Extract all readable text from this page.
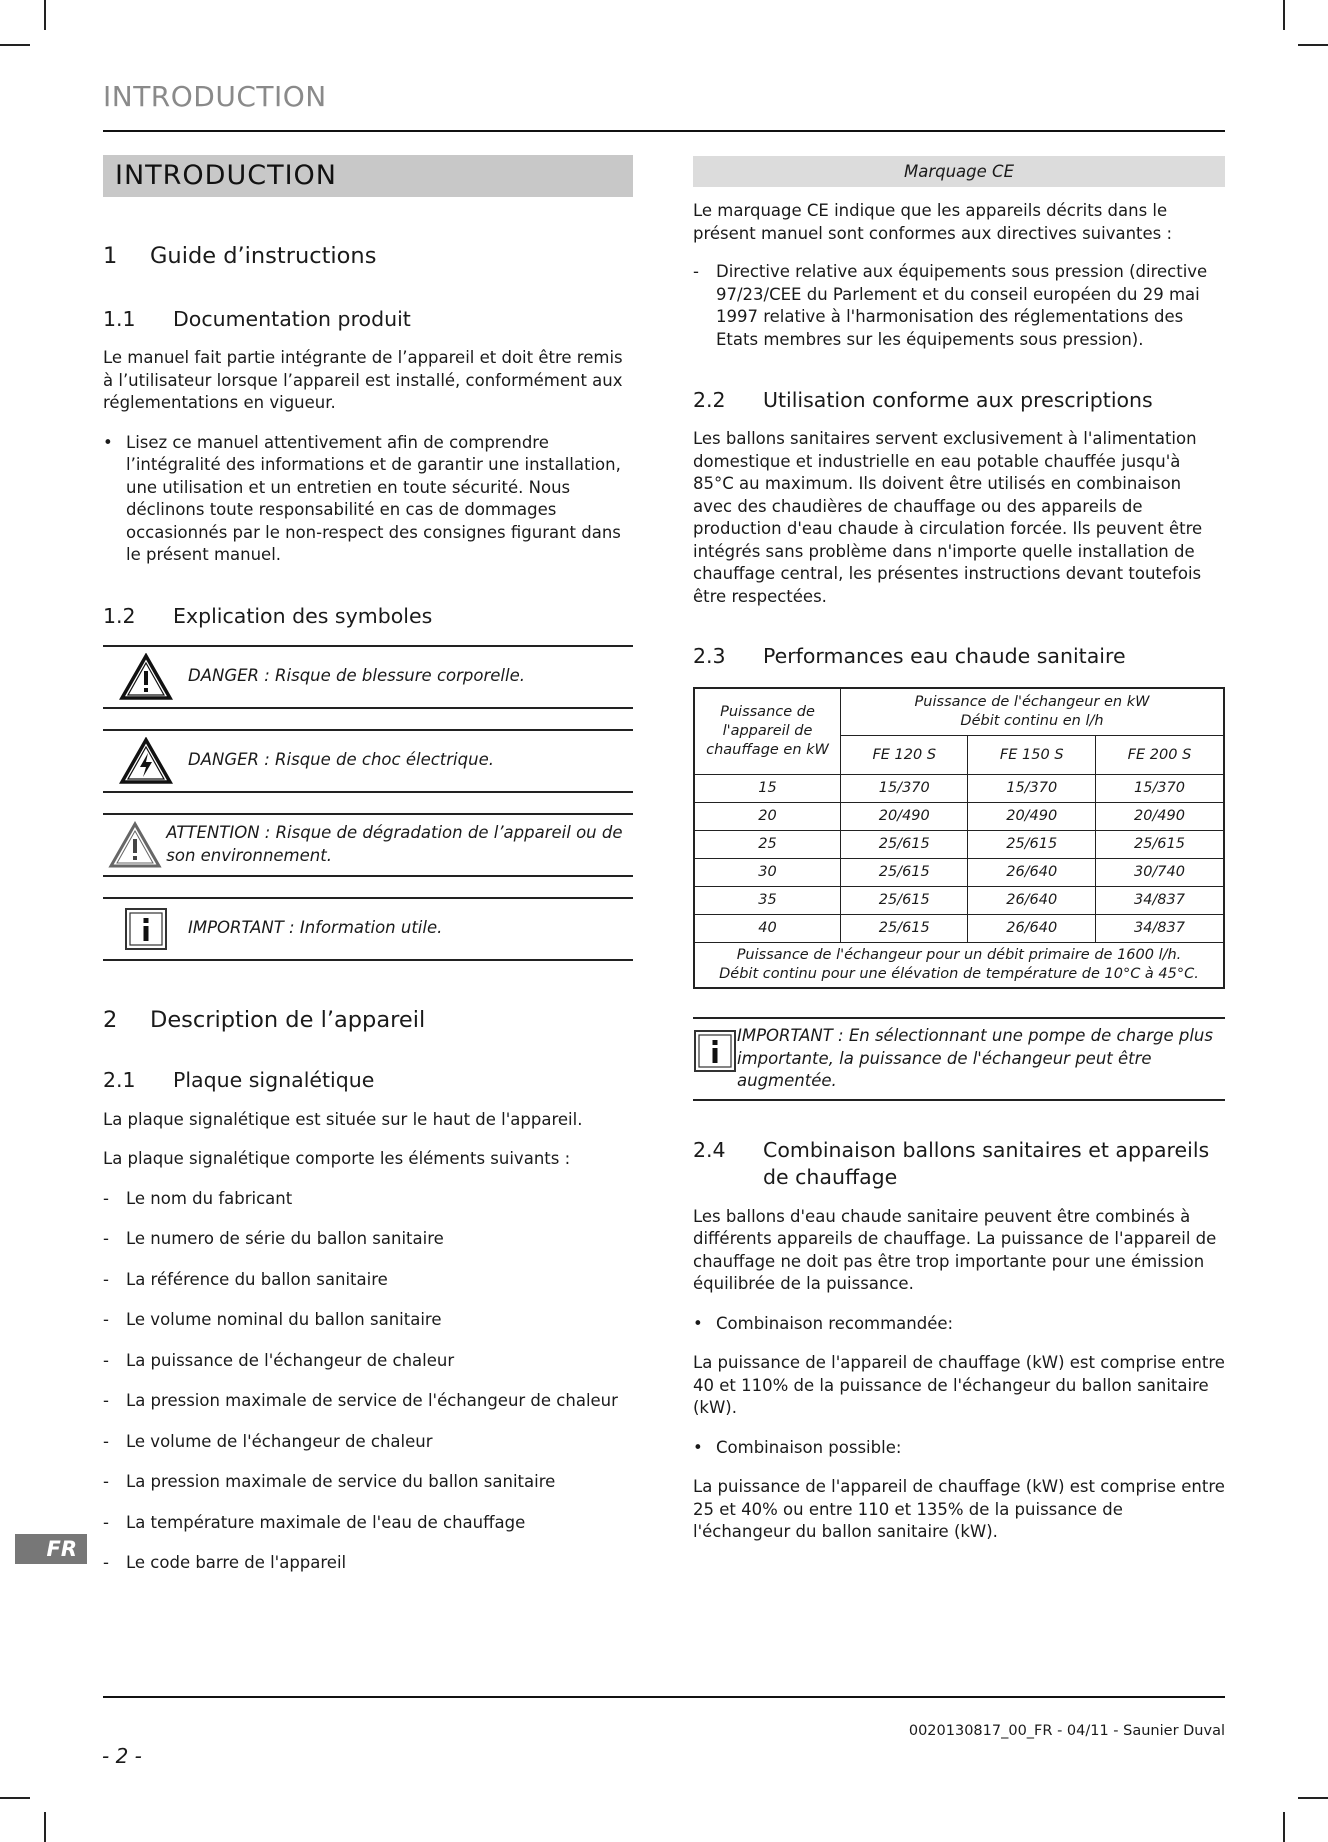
INTRODUCTION
INTRODUCTION
1	Guide d’instructions
1.1	Documentation produit

Le manuel fait partie intégrante de l’appareil et doit être remis à l’utilisateur lorsque l’appareil est installé, conformément aux réglementations en vigueur.

• Lisez ce manuel attentivement afin de comprendre l’intégralité des informations et de garantir une installation, une utilisation et un entretien en toute sécurité. Nous déclinons toute responsabilité en cas de dommages occasionnés par le non-respect des consignes figurant dans le présent manuel.
1.2	Explication des symboles
DANGER : Risque de blessure corporelle.
DANGER : Risque de choc électrique.
ATTENTION : Risque de dégradation de l’appareil ou de son environnement.
IMPORTANT : Information utile.
2	Description de l’appareil
2.1	Plaque signalétique

La plaque signalétique est située sur le haut de l'appareil.

La plaque signalétique comporte les éléments suivants :

-	Le nom du fabricant
-	Le numero de série du ballon sanitaire
-	La référence du ballon sanitaire
-	Le volume nominal du ballon sanitaire
-	La puissance de l'échangeur de chaleur
-	La pression maximale de service de l'échangeur de chaleur
-	Le volume de l'échangeur de chaleur
-	La pression maximale de service du ballon sanitaire
-	La température maximale de l'eau de chauffage
-	Le code barre de l'appareil
Marquage CE

Le marquage CE indique que les appareils décrits dans le présent manuel sont conformes aux directives suivantes :

-	Directive relative aux équipements sous pression (directive 97/23/CEE du Parlement et du conseil européen du 29 mai 1997 relative à l'harmonisation des réglementations des Etats membres sur les équipements sous pression).
2.2	Utilisation conforme aux prescriptions

Les ballons sanitaires servent exclusivement à l'alimentation domestique et industrielle en eau potable chauffée jusqu'à 85°C au maximum. Ils doivent être utilisés en combinaison avec des chaudières de chauffage ou des appareils de production d'eau chaude à circulation forcée. Ils peuvent être intégrés sans problème dans n'importe quelle installation de chauffage central, les présentes instructions devant toutefois être respectées.

2.3	Performances eau chaude sanitaire
Puissance de l'appareil de chauffage en kW	Puissance de l'échangeur en kW
Débit continu en l/h		

	FE 120 S	FE 150 S	FE 200 S
15	15/370	15/370	15/370
20	20/490	20/490	20/490
25	25/615	25/615	25/615
30	25/615	26/640	30/740
35	25/615	26/640	34/837
40	25/615	26/640	34/837

Puissance de l'échangeur pour un débit primaire de 1600 l/h.
Débit continu pour une élévation de température de 10°C à 45°C.			
IMPORTANT : En sélectionnant une pompe de charge plus importante, la puissance de l'échangeur peut être augmentée.
2.4	Combinaison ballons sanitaires et appareils de chauffage

Les ballons d'eau chaude sanitaire peuvent être combinés à différents appareils de chauffage. La puissance de l'appareil de chauffage ne doit pas être trop importante pour une émission équilibrée de la puissance.

• Combinaison recommandée:

La puissance de l'appareil de chauffage (kW) est comprise entre 40 et 110% de la puissance de l'échangeur du ballon sanitaire (kW).

• Combinaison possible:

La puissance de l'appareil de chauffage (kW) est comprise entre 25 et 40% ou entre 110 et 135% de la puissance de l'échangeur du ballon sanitaire (kW).

FR
0020130817_00_FR - 04/11 - Saunier Duval
- 2 -
